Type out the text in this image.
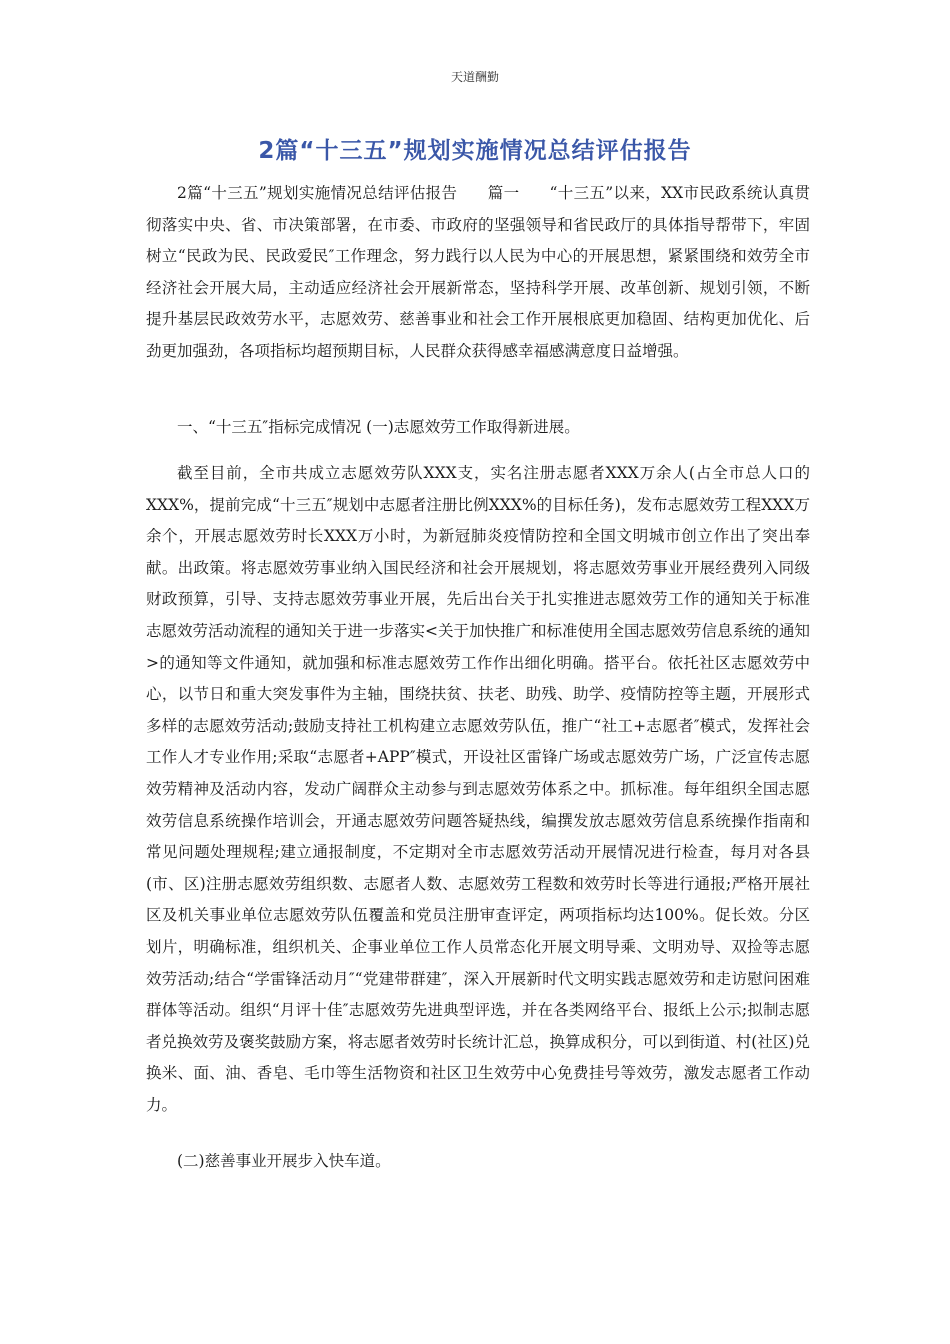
天道酬勤
2篇“十三五”规划实施情况总结评估报告

2篇“十三五”规划实施情况总结评估报告 篇一 “十三五”以来，XX市民政系统认真贯彻落实中央、省、市决策部署，在市委、市政府的坚强领导和省民政厅的具体指导帮带下，牢固树立“民政为民、民政爱民″工作理念，努力践行以人民为中心的开展思想，紧紧围绕和效劳全市经济社会开展大局，主动适应经济社会开展新常态，坚持科学开展、改革创新、规划引领，不断提升基层民政效劳水平，志愿效劳、慈善事业和社会工作开展根底更加稳固、结构更加优化、后劲更加强劲，各项指标均超预期目标，人民群众获得感幸福感满意度日益增强。

一、“十三五″指标完成情况 (一)志愿效劳工作取得新进展。

截至目前，全市共成立志愿效劳队XXX支，实名注册志愿者XXX万余人(占全市总人口的XXX%，提前完成“十三五″规划中志愿者注册比例XXX%的目标任务)，发布志愿效劳工程XXX万余个，开展志愿效劳时长XXX万小时，为新冠肺炎疫情防控和全国文明城市创立作出了突出奉献。出政策。将志愿效劳事业纳入国民经济和社会开展规划，将志愿效劳事业开展经费列入同级财政预算，引导、支持志愿效劳事业开展，先后出台关于扎实推进志愿效劳工作的通知关于标准志愿效劳活动流程的通知关于进一步落实<关于加快推广和标准使用全国志愿效劳信息系统的通知>的通知等文件通知，就加强和标准志愿效劳工作作出细化明确。搭平台。依托社区志愿效劳中心，以节日和重大突发事件为主轴，围绕扶贫、扶老、助残、助学、疫情防控等主题，开展形式多样的志愿效劳活动;鼓励支持社工机构建立志愿效劳队伍，推广“社工+志愿者″模式，发挥社会工作人才专业作用;采取“志愿者+APP″模式，开设社区雷锋广场或志愿效劳广场，广泛宣传志愿效劳精神及活动内容，发动广阔群众主动参与到志愿效劳体系之中。抓标准。每年组织全国志愿效劳信息系统操作培训会，开通志愿效劳问题答疑热线，编撰发放志愿效劳信息系统操作指南和常见问题处理规程;建立通报制度，不定期对全市志愿效劳活动开展情况进行检查，每月对各县(市、区)注册志愿效劳组织数、志愿者人数、志愿效劳工程数和效劳时长等进行通报;严格开展社区及机关事业单位志愿效劳队伍覆盖和党员注册审查评定，两项指标均达100%。促长效。分区划片，明确标准，组织机关、企事业单位工作人员常态化开展文明导乘、文明劝导、双捡等志愿效劳活动;结合“学雷锋活动月″“党建带群建″，深入开展新时代文明实践志愿效劳和走访慰问困难群体等活动。组织“月评十佳″志愿效劳先进典型评选，并在各类网络平台、报纸上公示;拟制志愿者兑换效劳及褒奖鼓励方案，将志愿者效劳时长统计汇总，换算成积分，可以到街道、村(社区)兑换米、面、油、香皂、毛巾等生活物资和社区卫生效劳中心免费挂号等效劳，激发志愿者工作动力。

(二)慈善事业开展步入快车道。
